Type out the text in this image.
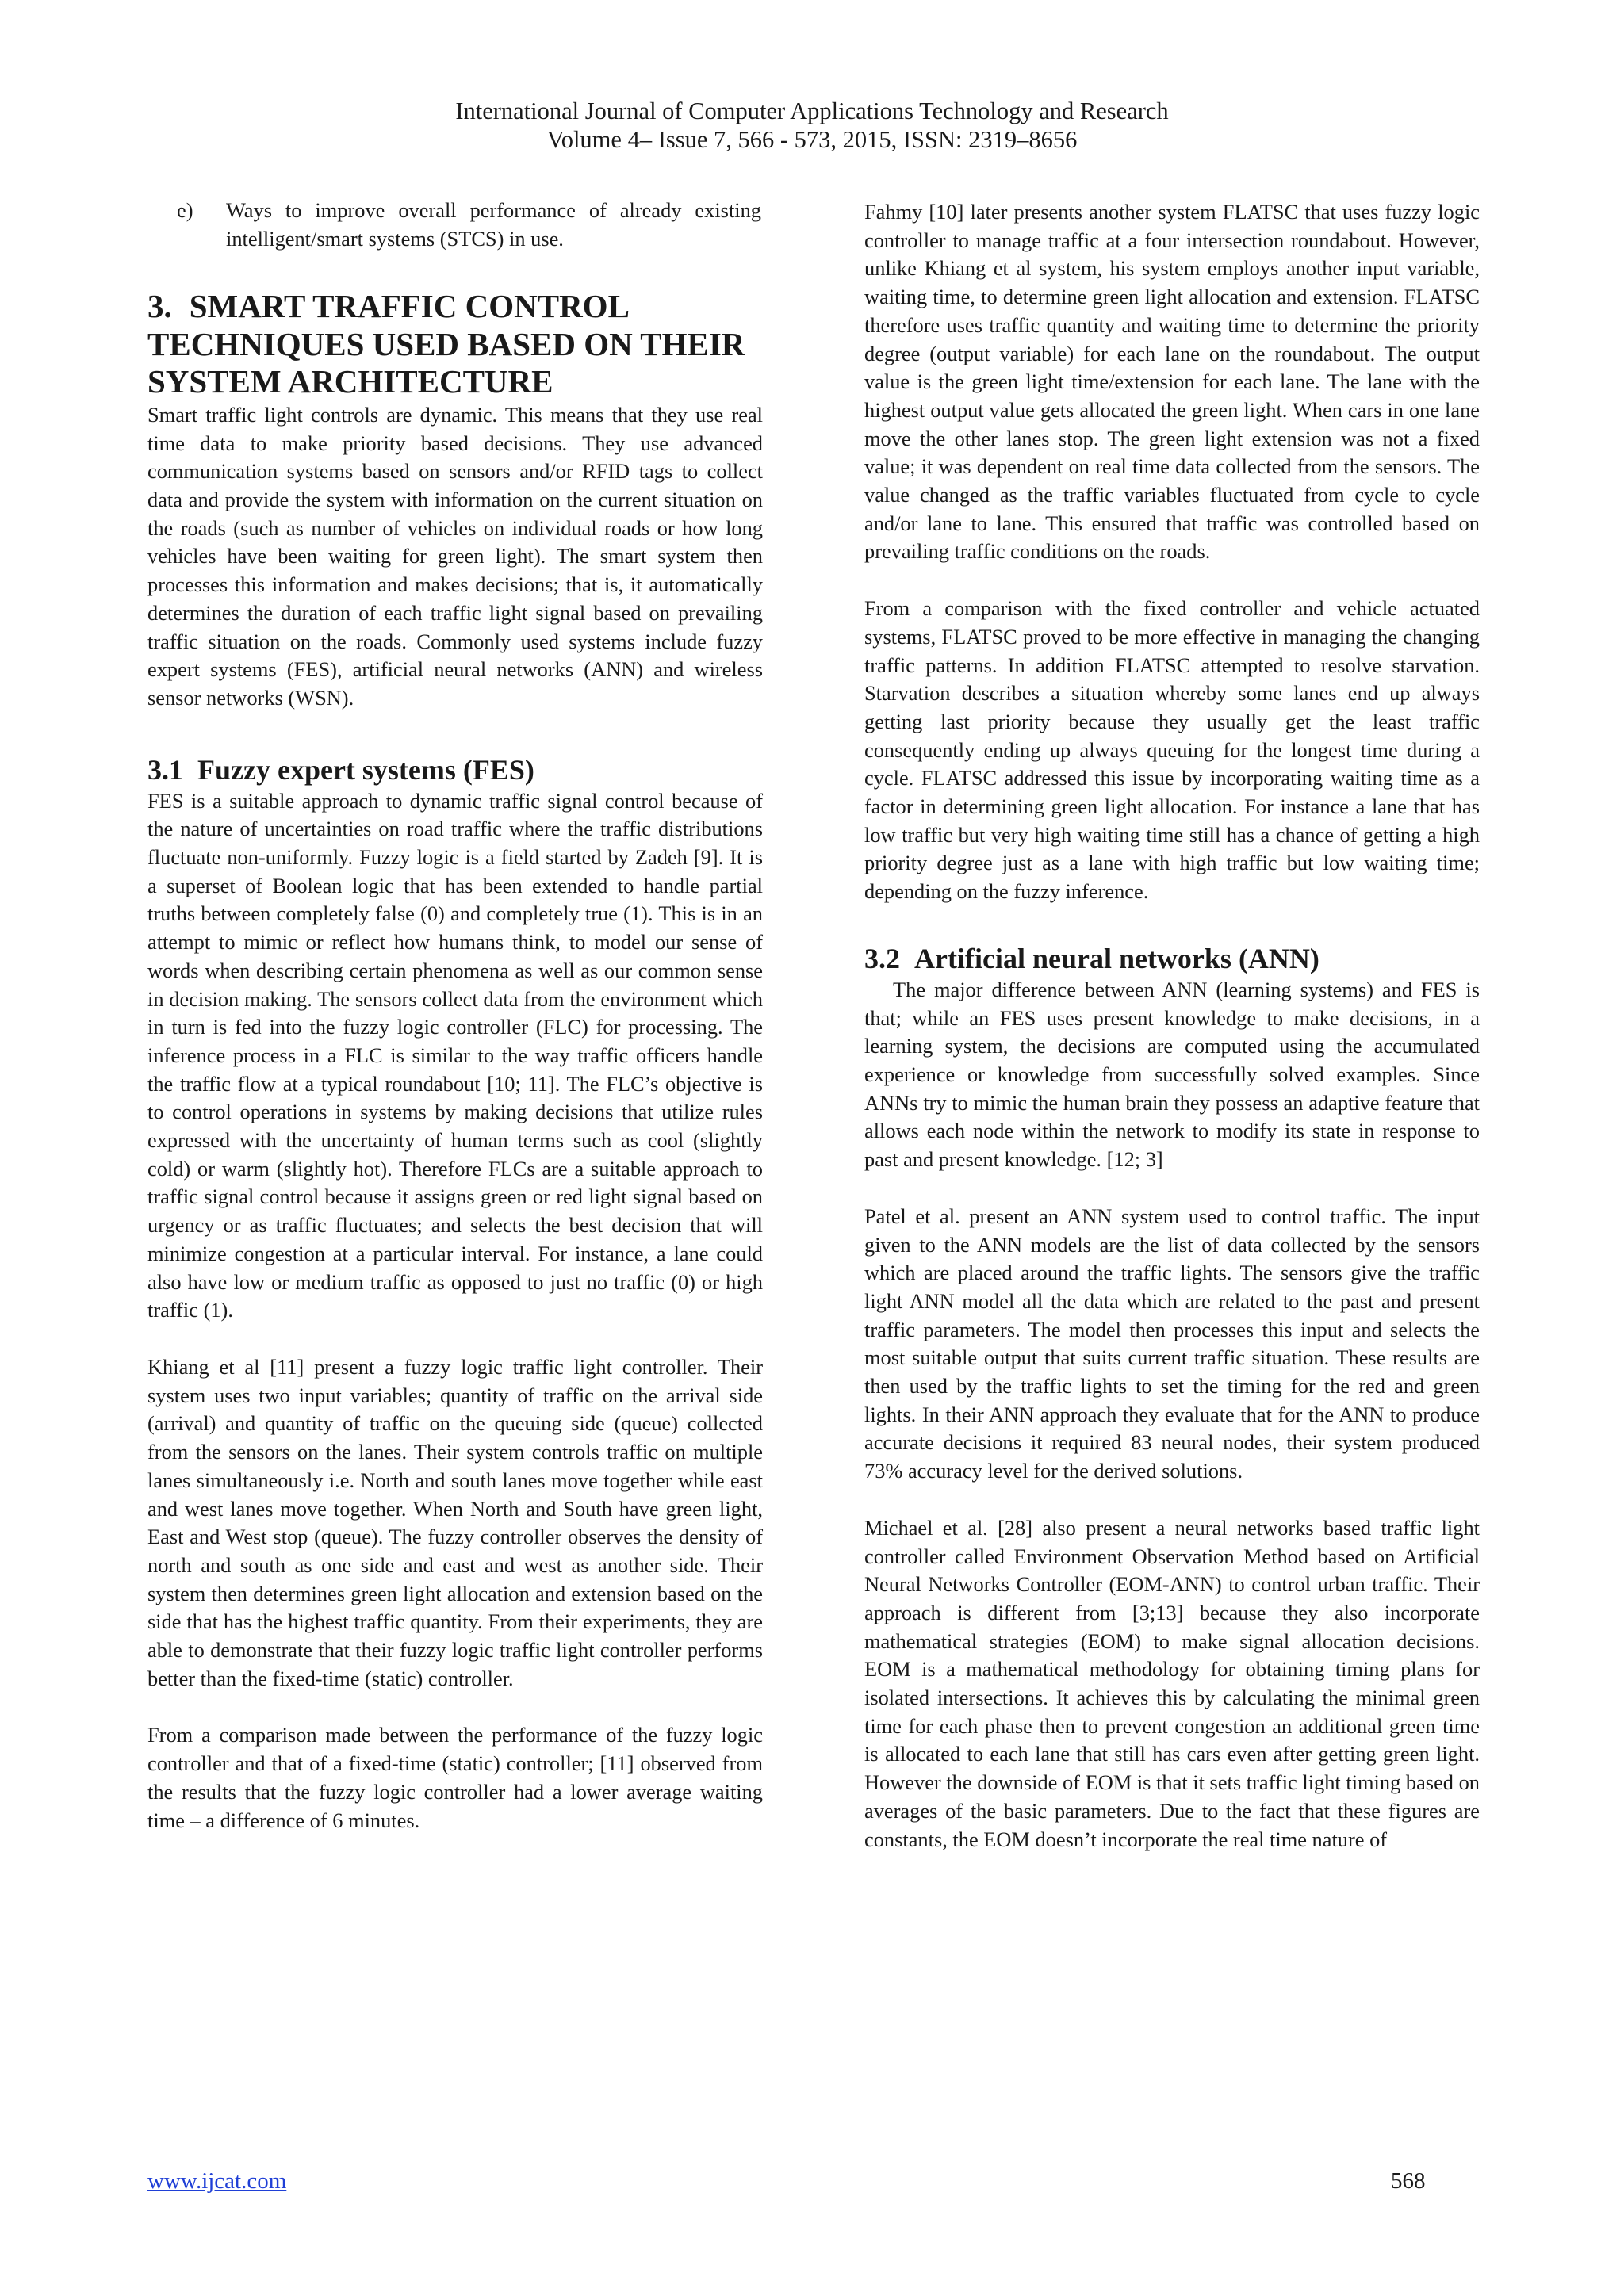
International Journal of Computer Applications Technology and Research
Volume 4– Issue 7, 566 - 573, 2015, ISSN: 2319–8656
e) Ways to improve overall performance of already existing intelligent/smart systems (STCS) in use.

3. SMART TRAFFIC CONTROL TECHNIQUES USED BASED ON THEIR SYSTEM ARCHITECTURE

Smart traffic light controls are dynamic. This means that they use real time data to make priority based decisions. They use advanced communication systems based on sensors and/or RFID tags to collect data and provide the system with information on the current situation on the roads (such as number of vehicles on individual roads or how long vehicles have been waiting for green light). The smart system then processes this information and makes decisions; that is, it automatically determines the duration of each traffic light signal based on prevailing traffic situation on the roads. Commonly used systems include fuzzy expert systems (FES), artificial neural networks (ANN) and wireless sensor networks (WSN).

3.1 Fuzzy expert systems (FES)

FES is a suitable approach to dynamic traffic signal control because of the nature of uncertainties on road traffic where the traffic distributions fluctuate non-uniformly. Fuzzy logic is a field started by Zadeh [9]. It is a superset of Boolean logic that has been extended to handle partial truths between completely false (0) and completely true (1). This is in an attempt to mimic or reflect how humans think, to model our sense of words when describing certain phenomena as well as our common sense in decision making. The sensors collect data from the environment which in turn is fed into the fuzzy logic controller (FLC) for processing. The inference process in a FLC is similar to the way traffic officers handle the traffic flow at a typical roundabout [10; 11]. The FLC’s objective is to control operations in systems by making decisions that utilize rules expressed with the uncertainty of human terms such as cool (slightly cold) or warm (slightly hot). Therefore FLCs are a suitable approach to traffic signal control because it assigns green or red light signal based on urgency or as traffic fluctuates; and selects the best decision that will minimize congestion at a particular interval. For instance, a lane could also have low or medium traffic as opposed to just no traffic (0) or high traffic (1).

Khiang et al [11] present a fuzzy logic traffic light controller. Their system uses two input variables; quantity of traffic on the arrival side (arrival) and quantity of traffic on the queuing side (queue) collected from the sensors on the lanes. Their system controls traffic on multiple lanes simultaneously i.e. North and south lanes move together while east and west lanes move together. When North and South have green light, East and West stop (queue). The fuzzy controller observes the density of north and south as one side and east and west as another side. Their system then determines green light allocation and extension based on the side that has the highest traffic quantity. From their experiments, they are able to demonstrate that their fuzzy logic traffic light controller performs better than the fixed-time (static) controller.

From a comparison made between the performance of the fuzzy logic controller and that of a fixed-time (static) controller; [11] observed from the results that the fuzzy logic controller had a lower average waiting time – a difference of 6 minutes.

Fahmy [10] later presents another system FLATSC that uses fuzzy logic controller to manage traffic at a four intersection roundabout. However, unlike Khiang et al system, his system employs another input variable, waiting time, to determine green light allocation and extension. FLATSC therefore uses traffic quantity and waiting time to determine the priority degree (output variable) for each lane on the roundabout. The output value is the green light time/extension for each lane. The lane with the highest output value gets allocated the green light. When cars in one lane move the other lanes stop. The green light extension was not a fixed value; it was dependent on real time data collected from the sensors. The value changed as the traffic variables fluctuated from cycle to cycle and/or lane to lane. This ensured that traffic was controlled based on prevailing traffic conditions on the roads.

From a comparison with the fixed controller and vehicle actuated systems, FLATSC proved to be more effective in managing the changing traffic patterns. In addition FLATSC attempted to resolve starvation. Starvation describes a situation whereby some lanes end up always getting last priority because they usually get the least traffic consequently ending up always queuing for the longest time during a cycle. FLATSC addressed this issue by incorporating waiting time as a factor in determining green light allocation. For instance a lane that has low traffic but very high waiting time still has a chance of getting a high priority degree just as a lane with high traffic but low waiting time; depending on the fuzzy inference.

3.2 Artificial neural networks (ANN)

The major difference between ANN (learning systems) and FES is that; while an FES uses present knowledge to make decisions, in a learning system, the decisions are computed using the accumulated experience or knowledge from successfully solved examples. Since ANNs try to mimic the human brain they possess an adaptive feature that allows each node within the network to modify its state in response to past and present knowledge. [12; 3]

Patel et al. present an ANN system used to control traffic. The input given to the ANN models are the list of data collected by the sensors which are placed around the traffic lights. The sensors give the traffic light ANN model all the data which are related to the past and present traffic parameters. The model then processes this input and selects the most suitable output that suits current traffic situation. These results are then used by the traffic lights to set the timing for the red and green lights. In their ANN approach they evaluate that for the ANN to produce accurate decisions it required 83 neural nodes, their system produced 73% accuracy level for the derived solutions.

Michael et al. [28] also present a neural networks based traffic light controller called Environment Observation Method based on Artificial Neural Networks Controller (EOM-ANN) to control urban traffic. Their approach is different from [3;13] because they also incorporate mathematical strategies (EOM) to make signal allocation decisions. EOM is a mathematical methodology for obtaining timing plans for isolated intersections. It achieves this by calculating the minimal green time for each phase then to prevent congestion an additional green time is allocated to each lane that still has cars even after getting green light. However the downside of EOM is that it sets traffic light timing based on averages of the basic parameters. Due to the fact that these figures are constants, the EOM doesn’t incorporate the real time nature of

www.ijcat.com	568
